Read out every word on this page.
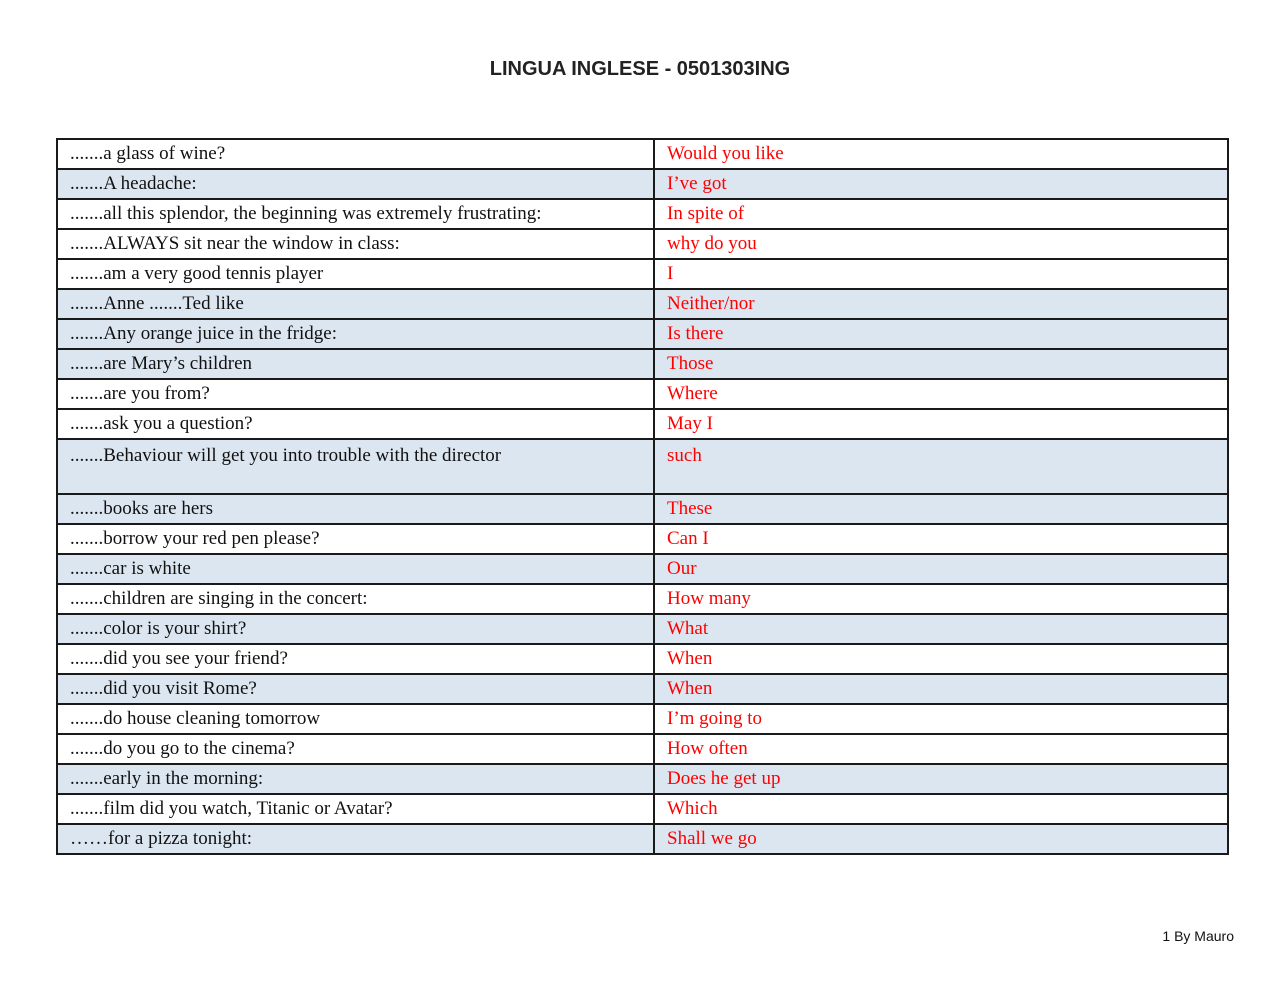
LINGUA INGLESE - 0501303ING
.......a glass of wine?	Would you like
.......A headache:	I’ve got
.......all this splendor, the beginning was extremely frustrating:	In spite of
.......ALWAYS sit near the window in class:	why do you
.......am a very good tennis player	I
.......Anne .......Ted like	Neither/nor
.......Any orange juice in the fridge:	Is there
.......are Mary’s children	Those
.......are you from?	Where
.......ask you a question?	May I
.......Behaviour will get you into trouble with the director	such
.......books are hers	These
.......borrow your red pen please?	Can I
.......car is white	Our
.......children are singing in the concert:	How many
.......color is your shirt?	What
.......did you see your friend?	When
.......did you visit Rome?	When
.......do house cleaning tomorrow	I’m going to
.......do you go to the cinema?	How often
.......early in the morning:	Does he get up
.......film did you watch, Titanic or Avatar?	Which
……for a pizza tonight:	Shall we go
1 By Mauro
